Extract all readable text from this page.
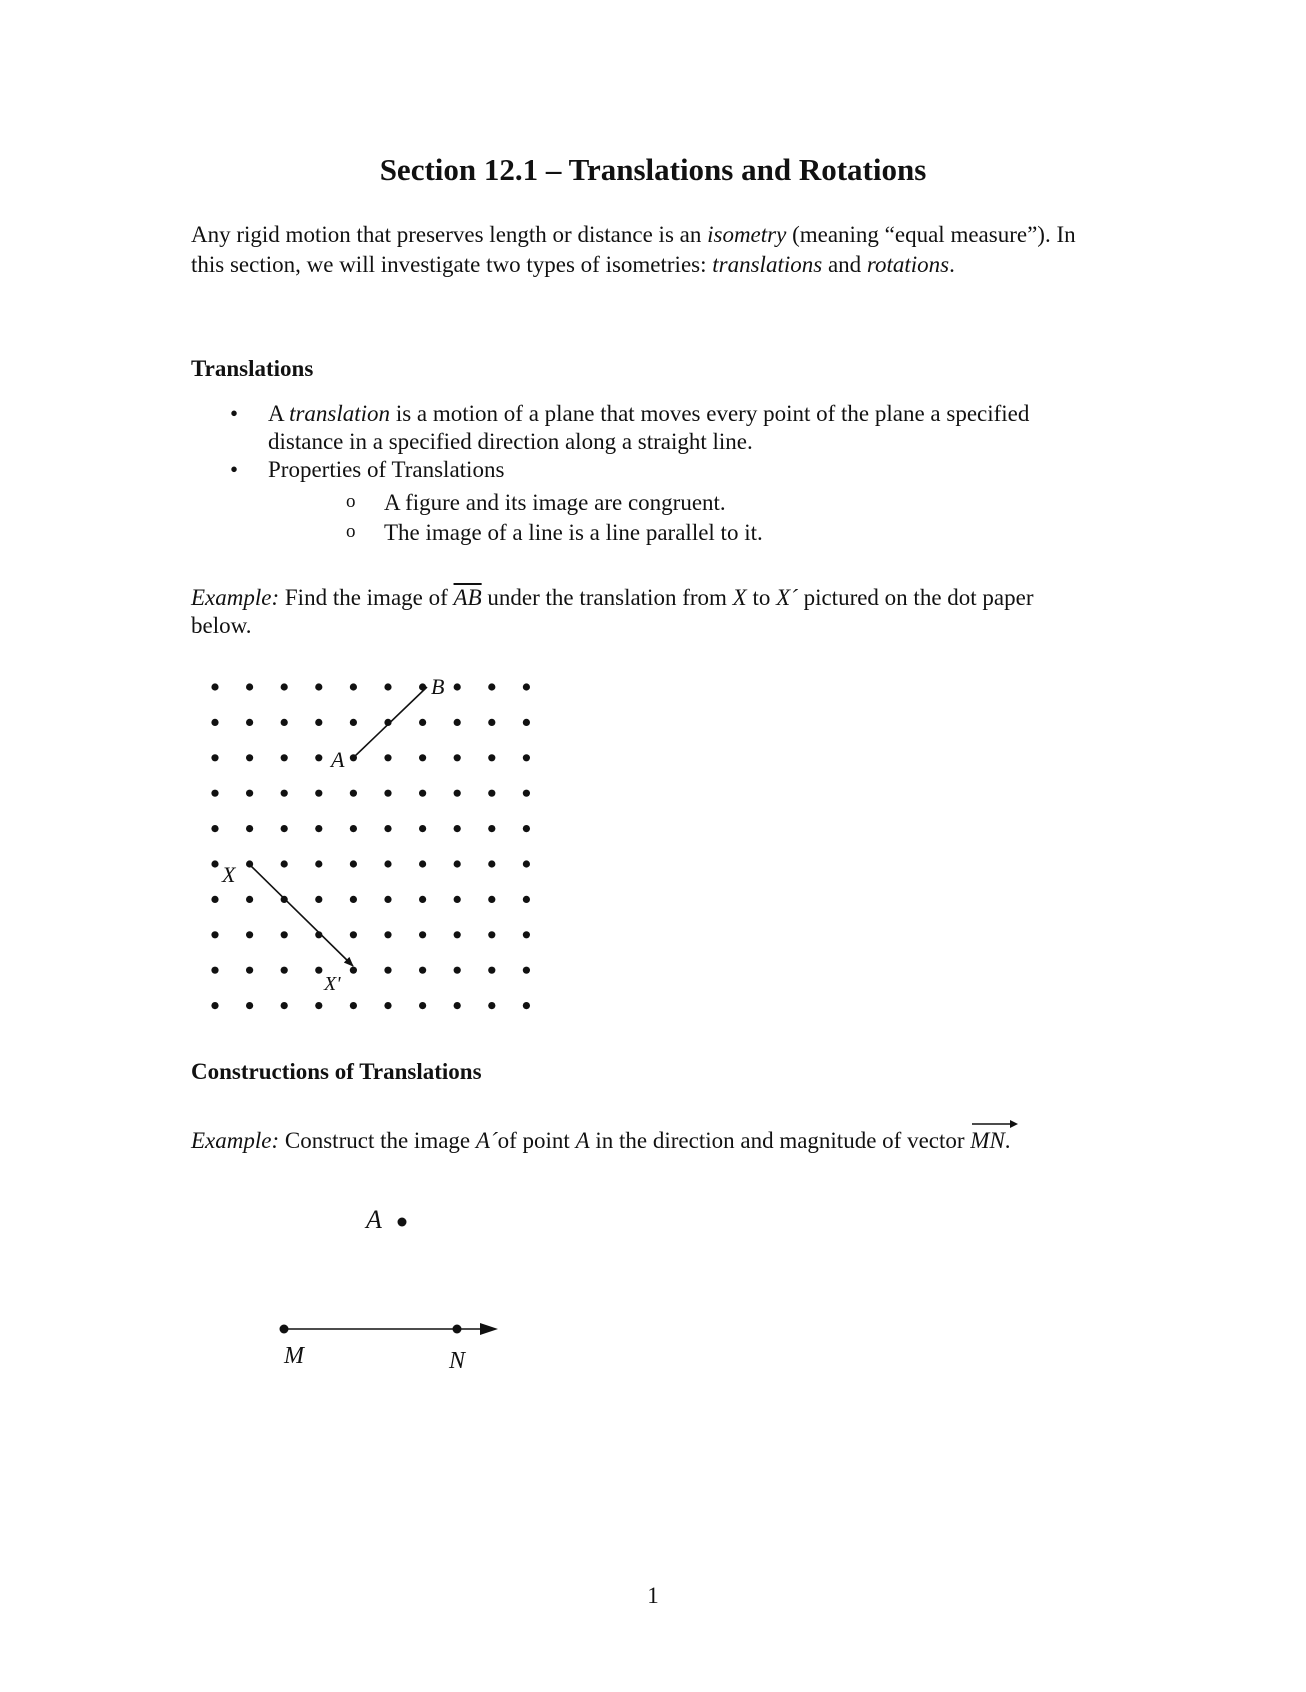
Section 12.1 – Translations and Rotations

Any rigid motion that preserves length or distance is an isometry (meaning “equal measure”). In this section, we will investigate two types of isometries: translations and rotations.

Translations
• A translation is a motion of a plane that moves every point of the plane a specified distance in a specified direction along a straight line.
• Properties of Translations
o A figure and its image are congruent.
o The image of a line is a line parallel to it.

Example: Find the image of $\overline{AB}$ under the translation from X to X´ pictured on the dot paper below.

B
A
X
X'
Constructions of Translations

Example: Construct the image A´of point A in the direction and magnitude of vector
MN.

A
M	N

1
